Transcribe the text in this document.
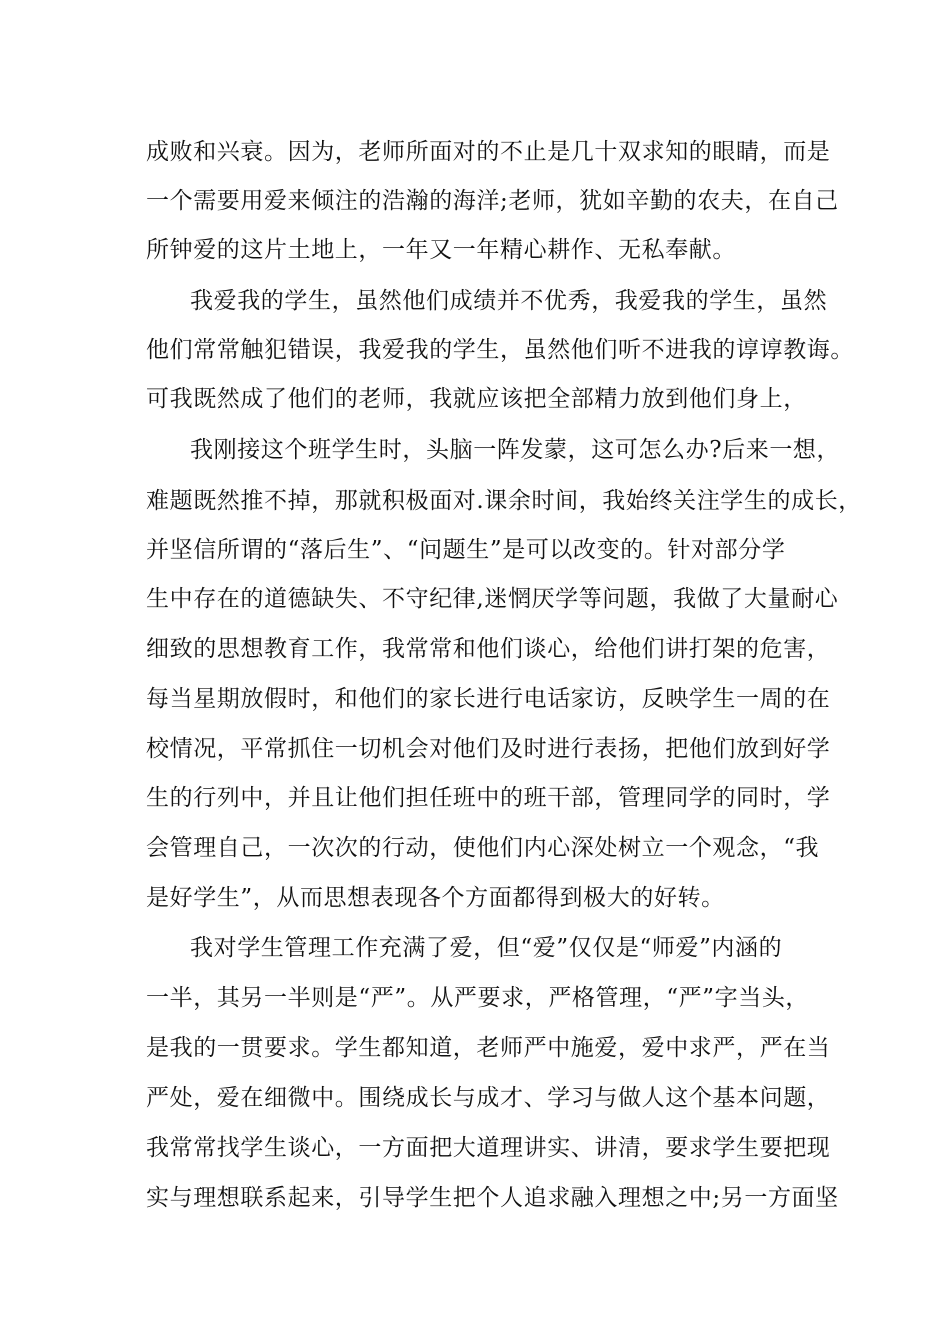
成败和兴衰。因为，老师所面对的不止是几十双求知的眼睛，而是
一个需要用爱来倾注的浩瀚的海洋;老师，犹如辛勤的农夫，在自己
所钟爱的这片土地上，一年又一年精心耕作、无私奉献。
我爱我的学生，虽然他们成绩并不优秀，我爱我的学生，虽然
他们常常触犯错误，我爱我的学生，虽然他们听不进我的谆谆教诲。
可我既然成了他们的老师，我就应该把全部精力放到他们身上，
我刚接这个班学生时，头脑一阵发蒙，这可怎么办?后来一想，
难题既然推不掉，那就积极面对.课余时间，我始终关注学生的成长，
并坚信所谓的“落后生”、“问题生”是可以改变的。针对部分学
生中存在的道德缺失、不守纪律,迷惘厌学等问题，我做了大量耐心
细致的思想教育工作，我常常和他们谈心，给他们讲打架的危害，
每当星期放假时，和他们的家长进行电话家访，反映学生一周的在
校情况，平常抓住一切机会对他们及时进行表扬，把他们放到好学
生的行列中，并且让他们担任班中的班干部，管理同学的同时，学
会管理自己，一次次的行动，使他们内心深处树立一个观念，“我
是好学生”，从而思想表现各个方面都得到极大的好转。
我对学生管理工作充满了爱，但“爱”仅仅是“师爱”内涵的
一半，其另一半则是“严”。从严要求，严格管理，“严”字当头，
是我的一贯要求。学生都知道，老师严中施爱，爱中求严，严在当
严处，爱在细微中。围绕成长与成才、学习与做人这个基本问题，
我常常找学生谈心，一方面把大道理讲实、讲清，要求学生要把现
实与理想联系起来，引导学生把个人追求融入理想之中;另一方面坚
